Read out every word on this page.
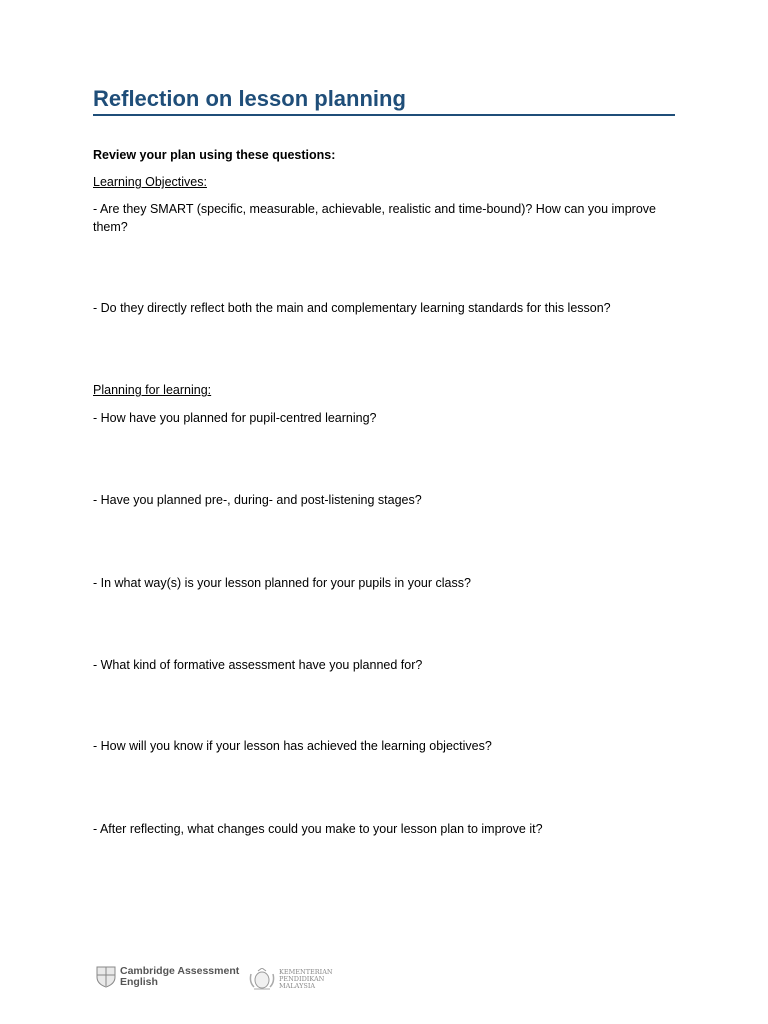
Reflection on lesson planning

Review your plan using these questions:

Learning Objectives:

- Are they SMART (specific, measurable, achievable, realistic and time-bound)? How can you improve them?

- Do they directly reflect both the main and complementary learning standards for this lesson?

Planning for learning:

- How have you planned for pupil-centred learning?

- Have you planned pre-, during- and post-listening stages?

- In what way(s) is your lesson planned for your pupils in your class?

- What kind of formative assessment have you planned for?

- How will you know if your lesson has achieved the learning objectives?

- After reflecting, what changes could you make to your lesson plan to improve it?

Cambridge Assessment
English
KEMENTERIAN
PENDIDIKAN
MALAYSIA
